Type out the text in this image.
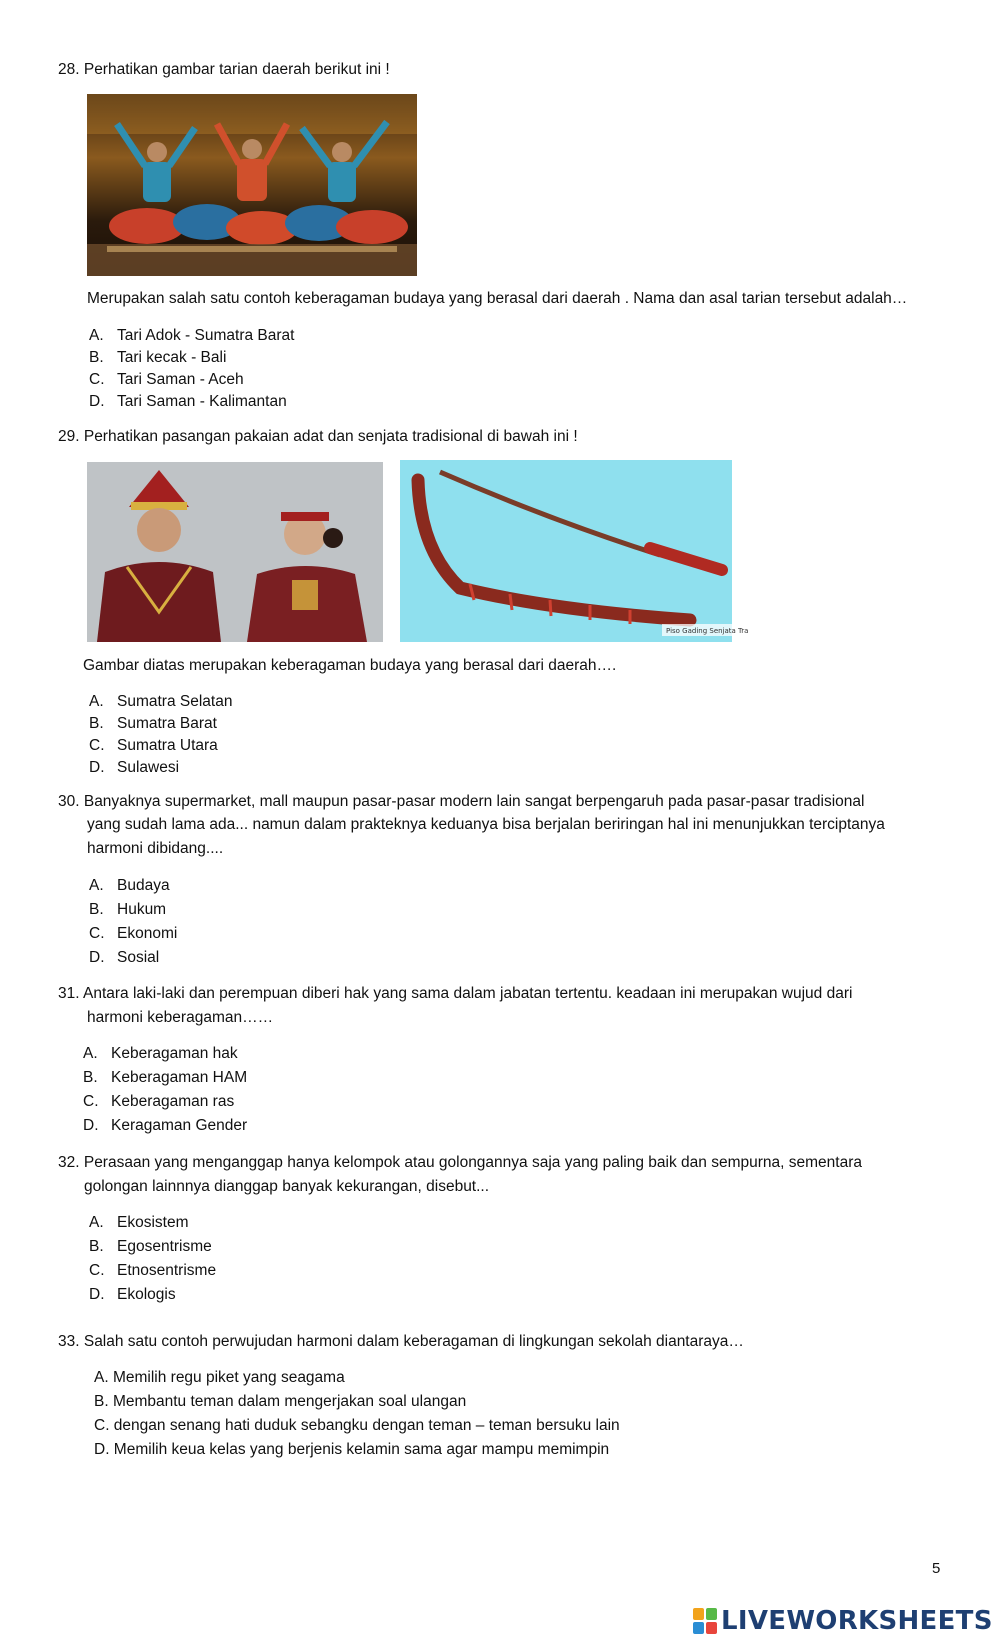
28. Perhatikan gambar tarian daerah berikut ini !
Merupakan salah satu contoh keberagaman budaya yang berasal dari daerah . Nama dan asal tarian tersebut adalah…
A. Tari Adok - Sumatra Barat
B. Tari kecak - Bali
C. Tari Saman - Aceh
D. Tari Saman - Kalimantan
29. Perhatikan pasangan pakaian adat dan senjata tradisional di bawah ini !
Piso Gading Senjata Tra
Gambar diatas merupakan keberagaman budaya yang berasal dari daerah….
A. Sumatra Selatan
B. Sumatra Barat
C. Sumatra Utara
D. Sulawesi
30. Banyaknya supermarket, mall maupun pasar-pasar modern lain sangat berpengaruh pada pasar-pasar tradisional
yang sudah lama ada... namun dalam prakteknya keduanya bisa berjalan beriringan hal ini menunjukkan terciptanya
harmoni dibidang....
A. Budaya
B. Hukum
C. Ekonomi
D. Sosial
31. Antara laki-laki dan perempuan diberi hak yang sama dalam jabatan tertentu. keadaan ini merupakan wujud dari
harmoni keberagaman……
A. Keberagaman hak
B. Keberagaman HAM
C. Keberagaman ras
D. Keragaman Gender
32. Perasaan yang menganggap hanya kelompok atau golongannya saja yang paling baik dan sempurna, sementara
golongan lainnnya dianggap banyak kekurangan, disebut...
A. Ekosistem
B. Egosentrisme
C. Etnosentrisme
D. Ekologis
33. Salah satu contoh perwujudan harmoni dalam keberagaman di lingkungan sekolah diantaraya…
A. Memilih regu piket yang seagama
B. Membantu teman dalam mengerjakan soal ulangan
C. dengan senang hati duduk sebangku dengan teman – teman bersuku lain
D. Memilih keua kelas yang berjenis kelamin sama agar mampu memimpin
5
LIVEWORKSHEETS
